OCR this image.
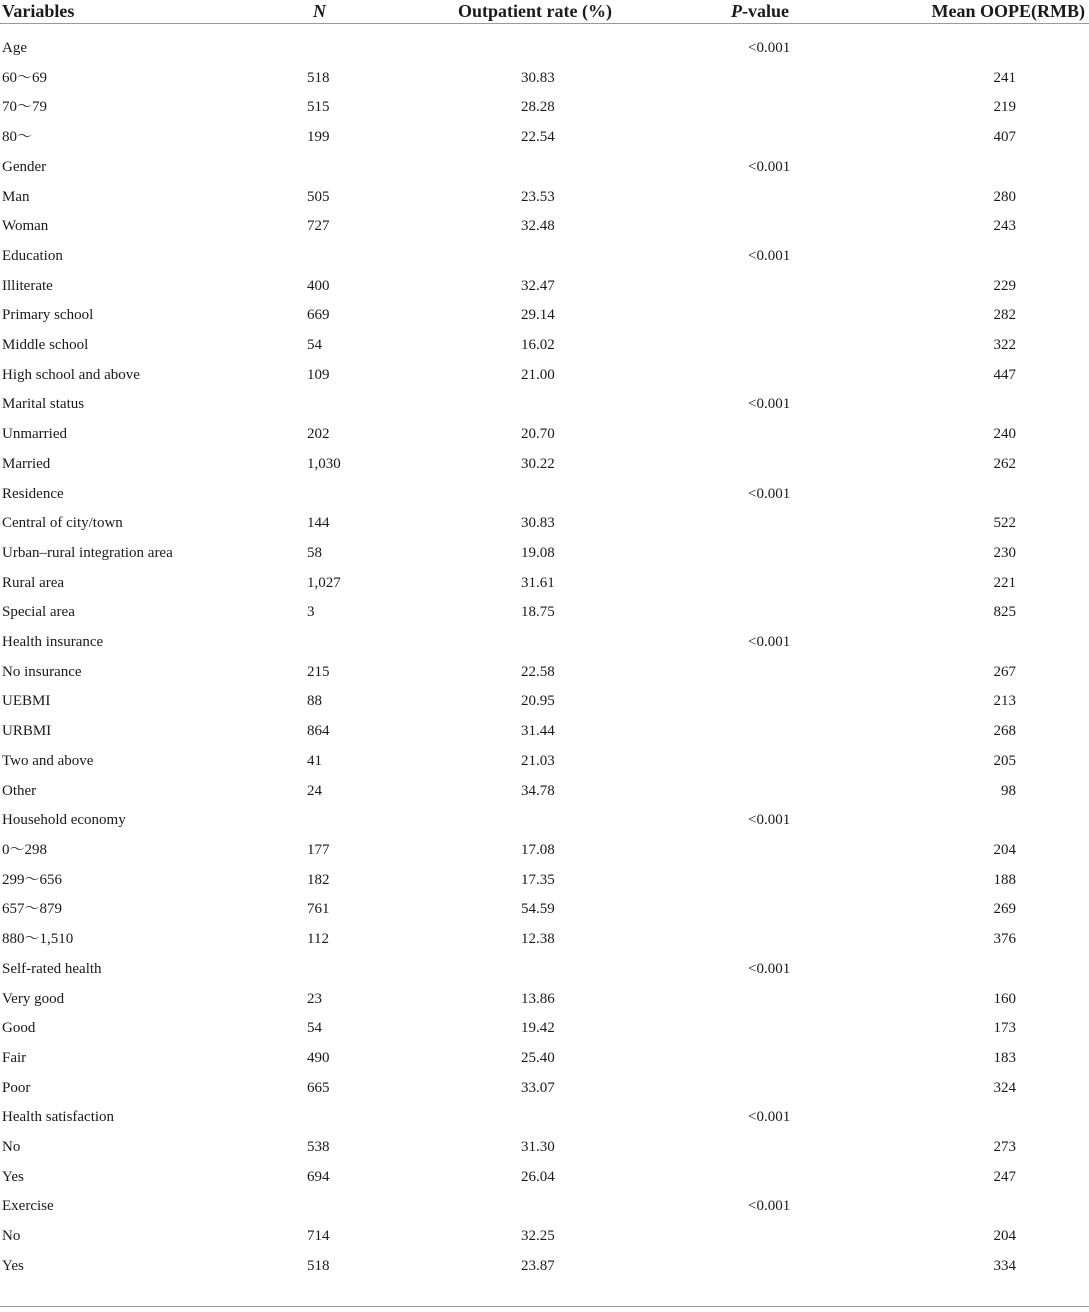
Variables	N	Outpatient rate (%)	P-value	Mean OOPE(RMB)

Age			<0.001	
60～69	518	30.83		241
70～79	515	28.28		219
80～	199	22.54		407
Gender			<0.001	
Man	505	23.53		280
Woman	727	32.48		243
Education			<0.001	
Illiterate	400	32.47		229
Primary school	669	29.14		282
Middle school	54	16.02		322
High school and above	109	21.00		447
Marital status			<0.001	
Unmarried	202	20.70		240
Married	1,030	30.22		262
Residence			<0.001	
Central of city/town	144	30.83		522
Urban–rural integration area	58	19.08		230
Rural area	1,027	31.61		221
Special area	3	18.75		825
Health insurance			<0.001	
No insurance	215	22.58		267
UEBMI	88	20.95		213
URBMI	864	31.44		268
Two and above	41	21.03		205
Other	24	34.78		98
Household economy			<0.001	
0～298	177	17.08		204
299～656	182	17.35		188
657～879	761	54.59		269
880～1,510	112	12.38		376
Self-rated health			<0.001	
Very good	23	13.86		160
Good	54	19.42		173
Fair	490	25.40		183
Poor	665	33.07		324
Health satisfaction			<0.001	
No	538	31.30		273
Yes	694	26.04		247
Exercise			<0.001	
No	714	32.25		204
Yes	518	23.87		334
